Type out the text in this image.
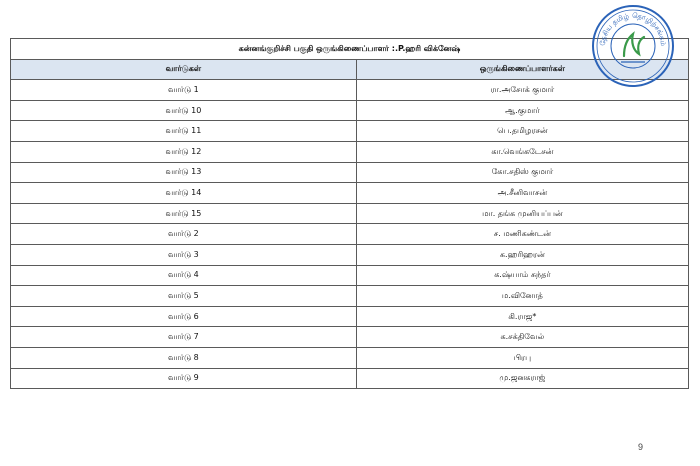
கன்னங்குறிச்சி பகுதி ஒருங்கிணைப்பாளர் :.P.ஹரி விக்னேஷ்	
வார்டுகள்	ஒருங்கிணைப்பாளர்கள்
வார்டு 1	ரா.அசோக் குமார்
வார்டு 10	ஆ.குமார்
வார்டு 11	பெ.தமிழரசன்
வார்டு 12	கா.வெங்கடேசன்
வார்டு 13	கோ.சதிஸ் குமார்
வார்டு 14	அ.சீனிவாசன்
வார்டு 15	மா. தங்க முனியப்பன்
வார்டு 2	ச. மணிகண்டன்
வார்டு 3	க.ஹரிஹரன்
வார்டு 4	க.ஷ்யாம் சுந்தர்
வார்டு 5	ம.வினோத்
வார்டு 6	கி.ராஜ*
வார்டு 7	க.சக்திவேல்
வார்டு 8	பிரபு
வார்டு 9	மு.ஜனகராஜ்
தேசிய தமிழ் தொழிற்சங்கம்
9
